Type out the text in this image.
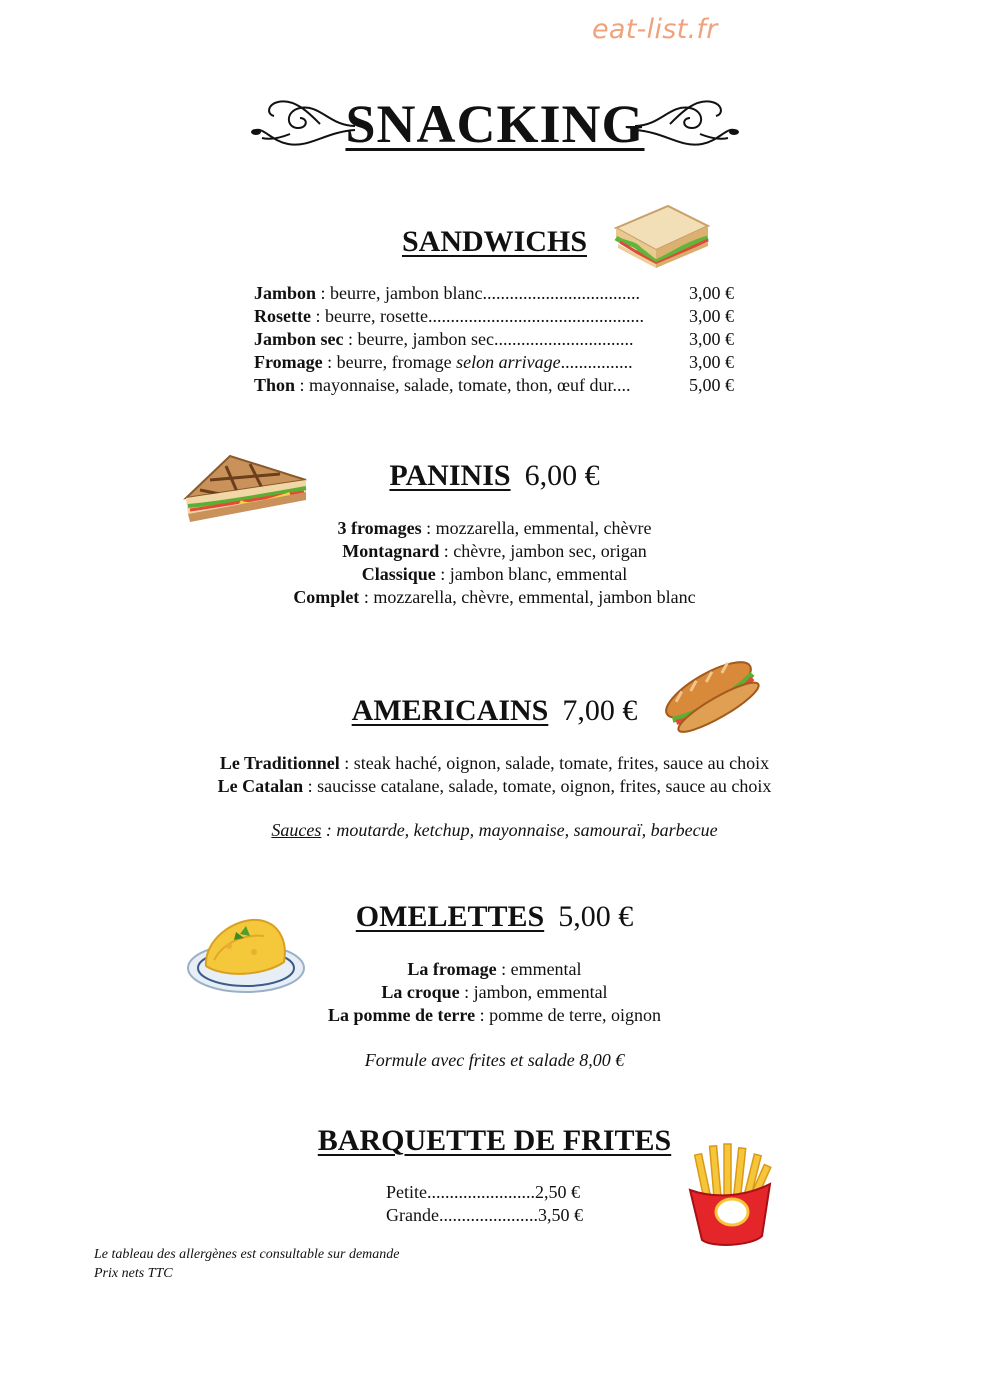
eat-list.fr
SNACKING
SANDWICHS
Jambon : beurre, jambon blanc...................................	3,00 €
Rosette : beurre, rosette................................................	3,00 €
Jambon sec : beurre, jambon sec...............................	3,00 €
Fromage : beurre, fromage selon arrivage................	3,00 €
Thon : mayonnaise, salade, tomate, thon, œuf dur....	5,00 €
PANINIS 6,00 €
3 fromages : mozzarella, emmental, chèvre
Montagnard : chèvre, jambon sec, origan
Classique : jambon blanc, emmental
Complet : mozzarella, chèvre, emmental, jambon blanc
AMERICAINS 7,00 €
Le Traditionnel : steak haché, oignon, salade, tomate, frites, sauce au choix
Le Catalan : saucisse catalane, salade, tomate, oignon, frites, sauce au choix
Sauces : moutarde, ketchup, mayonnaise, samouraï, barbecue
OMELETTES 5,00 €
La fromage : emmental
La croque : jambon, emmental
La pomme de terre : pomme de terre, oignon
Formule avec frites et salade 8,00 €
BARQUETTE DE FRITES
Petite........................2,50 €
Grande......................3,50 €
Le tableau des allergènes est consultable sur demande
Prix nets TTC
